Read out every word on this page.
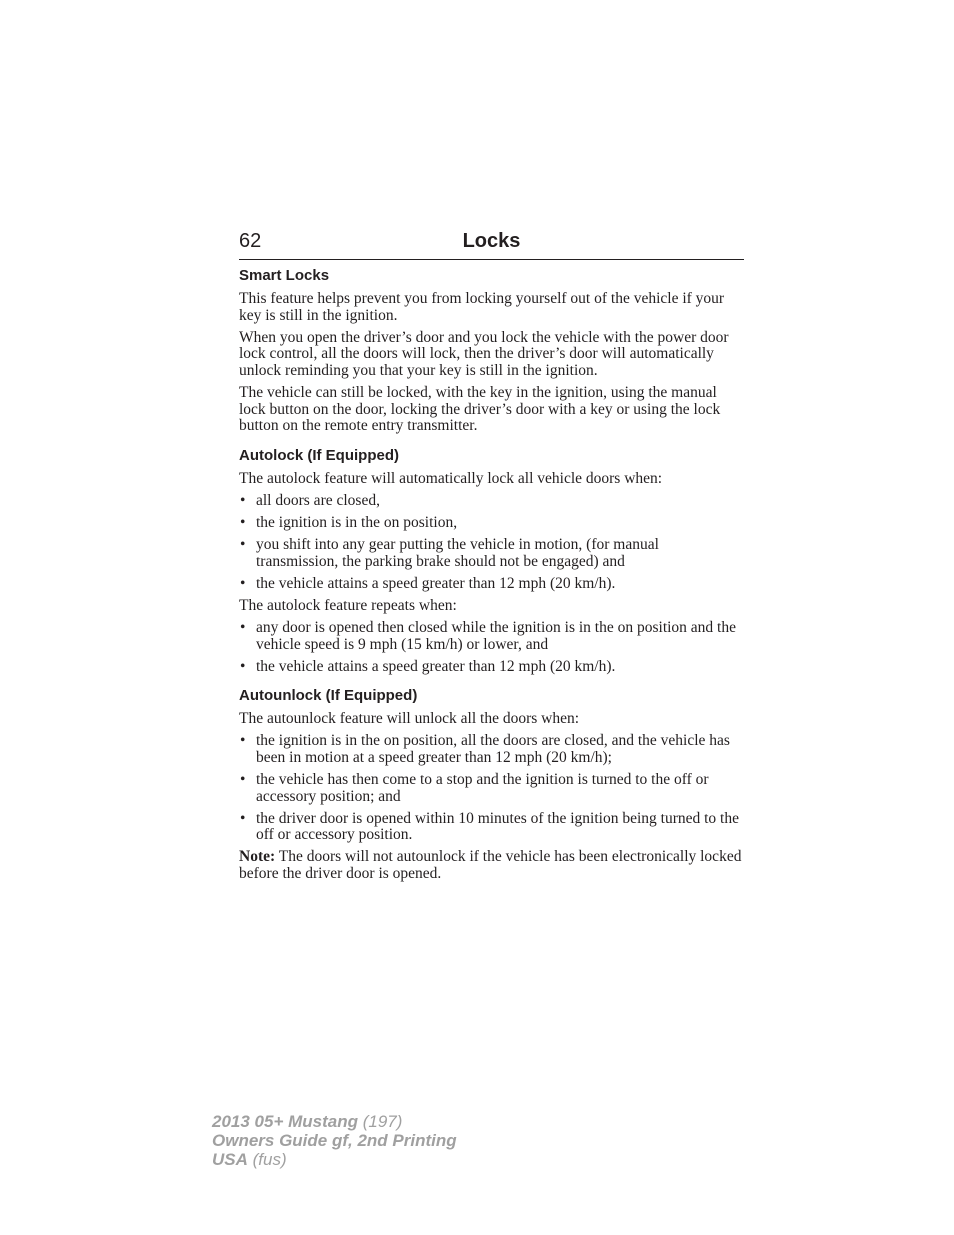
62	Locks
Smart Locks

This feature helps prevent you from locking yourself out of the vehicle if your key is still in the ignition.

When you open the driver’s door and you lock the vehicle with the power door lock control, all the doors will lock, then the driver’s door will automatically unlock reminding you that your key is still in the ignition.

The vehicle can still be locked, with the key in the ignition, using the manual lock button on the door, locking the driver’s door with a key or using the lock button on the remote entry transmitter.

Autolock (If Equipped)

The autolock feature will automatically lock all vehicle doors when:

• all doors are closed,
• the ignition is in the on position,
• you shift into any gear putting the vehicle in motion, (for manual transmission, the parking brake should not be engaged) and
• the vehicle attains a speed greater than 12 mph (20 km/h).

The autolock feature repeats when:

• any door is opened then closed while the ignition is in the on position and the vehicle speed is 9 mph (15 km/h) or lower, and
• the vehicle attains a speed greater than 12 mph (20 km/h).
Autounlock (If Equipped)

The autounlock feature will unlock all the doors when:

• the ignition is in the on position, all the doors are closed, and the vehicle has been in motion at a speed greater than 12 mph (20 km/h);
• the vehicle has then come to a stop and the ignition is turned to the off or accessory position; and
• the driver door is opened within 10 minutes of the ignition being turned to the off or accessory position.

Note: The doors will not autounlock if the vehicle has been electronically locked before the driver door is opened.

2013 05+ Mustang (197)
Owners Guide gf, 2nd Printing
USA (fus)
